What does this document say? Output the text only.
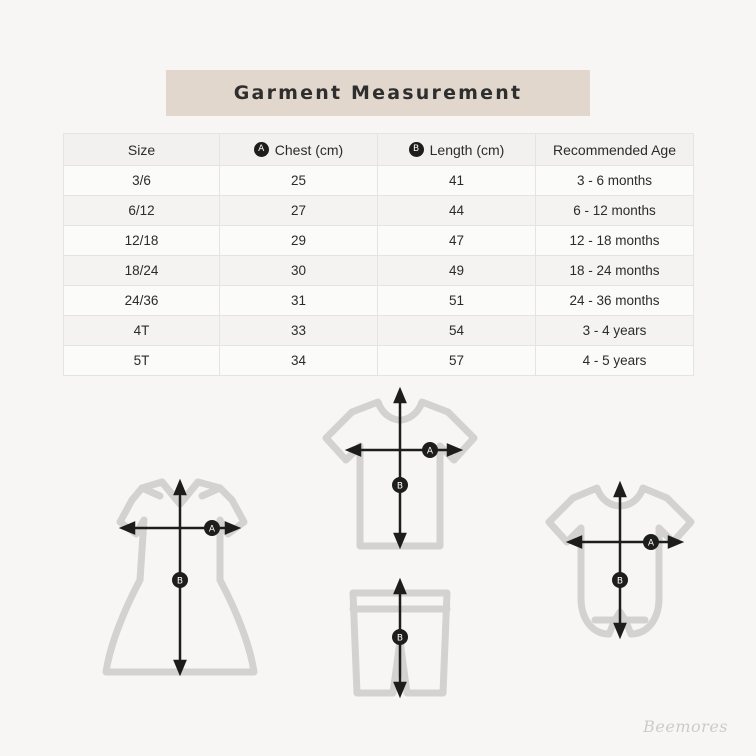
Garment Measurement
Size	A Chest (cm)	B Length (cm)	Recommended Age

3/6	25	41	3 - 6 months
6/12	27	44	6 - 12 months
12/18	29	47	12 - 18 months
18/24	30	49	18 - 24 months
24/36	31	51	24 - 36 months
4T	33	54	3 - 4 years
5T	34	57	4 - 5 years
A
B
A
B
B
A
B
Beemores
